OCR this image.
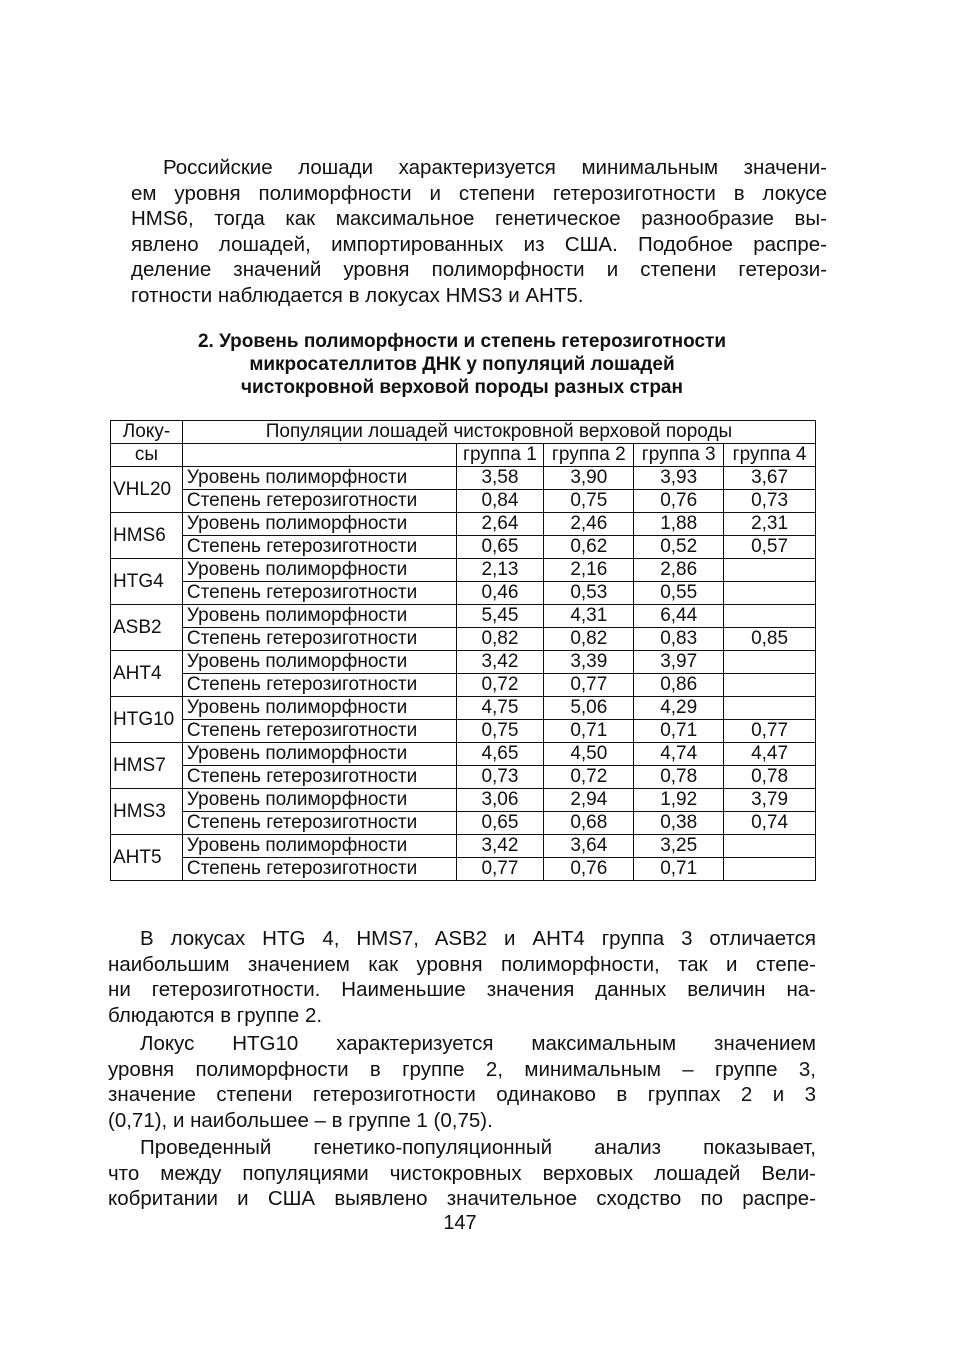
Российские лошади характеризуется минимальным значени-
ем уровня полиморфности и степени гетерозиготности в локусе
HMS6, тогда как максимальное генетическое разнообразие вы-
явлено лошадей, импортированных из США. Подобное распре-
деление значений уровня полиморфности и степени гетерози-
готности наблюдается в локусах HMS3 и AHT5.
2. Уровень полиморфности и степень гетерозиготности
микросателлитов ДНК у популяций лошадей
чистокровной верховой породы разных стран
Локу-	Популяции лошадей чистокровной верховой породы				
сы		группа 1	группа 2	группа 3	группа 4
VHL20	Уровень полиморфности	3,58	3,90	3,93	3,67
	Степень гетерозиготности	0,84	0,75	0,76	0,73
HMS6	Уровень полиморфности	2,64	2,46	1,88	2,31
	Степень гетерозиготности	0,65	0,62	0,52	0,57
HTG4	Уровень полиморфности	2,13	2,16	2,86	
	Степень гетерозиготности	0,46	0,53	0,55	
ASB2	Уровень полиморфности	5,45	4,31	6,44	
	Степень гетерозиготности	0,82	0,82	0,83	0,85
AHT4	Уровень полиморфности	3,42	3,39	3,97	
	Степень гетерозиготности	0,72	0,77	0,86	
HTG10	Уровень полиморфности	4,75	5,06	4,29	
	Степень гетерозиготности	0,75	0,71	0,71	0,77
HMS7	Уровень полиморфности	4,65	4,50	4,74	4,47
	Степень гетерозиготности	0,73	0,72	0,78	0,78
HMS3	Уровень полиморфности	3,06	2,94	1,92	3,79
	Степень гетерозиготности	0,65	0,68	0,38	0,74
AHT5	Уровень полиморфности	3,42	3,64	3,25	
	Степень гетерозиготности	0,77	0,76	0,71	
В локусах HTG 4, HMS7, ASB2 и AHT4 группа 3 отличается
наибольшим значением как уровня полиморфности, так и степе-
ни гетерозиготности. Наименьшие значения данных величин на-
блюдаются в группе 2.
Локус HTG10 характеризуется максимальным значением
уровня полиморфности в группе 2, минимальным – группе 3,
значение степени гетерозиготности одинаково в группах 2 и 3
(0,71), и наибольшее – в группе 1 (0,75).
Проведенный генетико-популяционный анализ показывает,
что между популяциями чистокровных верховых лошадей Вели-
кобритании и США выявлено значительное сходство по распре-
147
